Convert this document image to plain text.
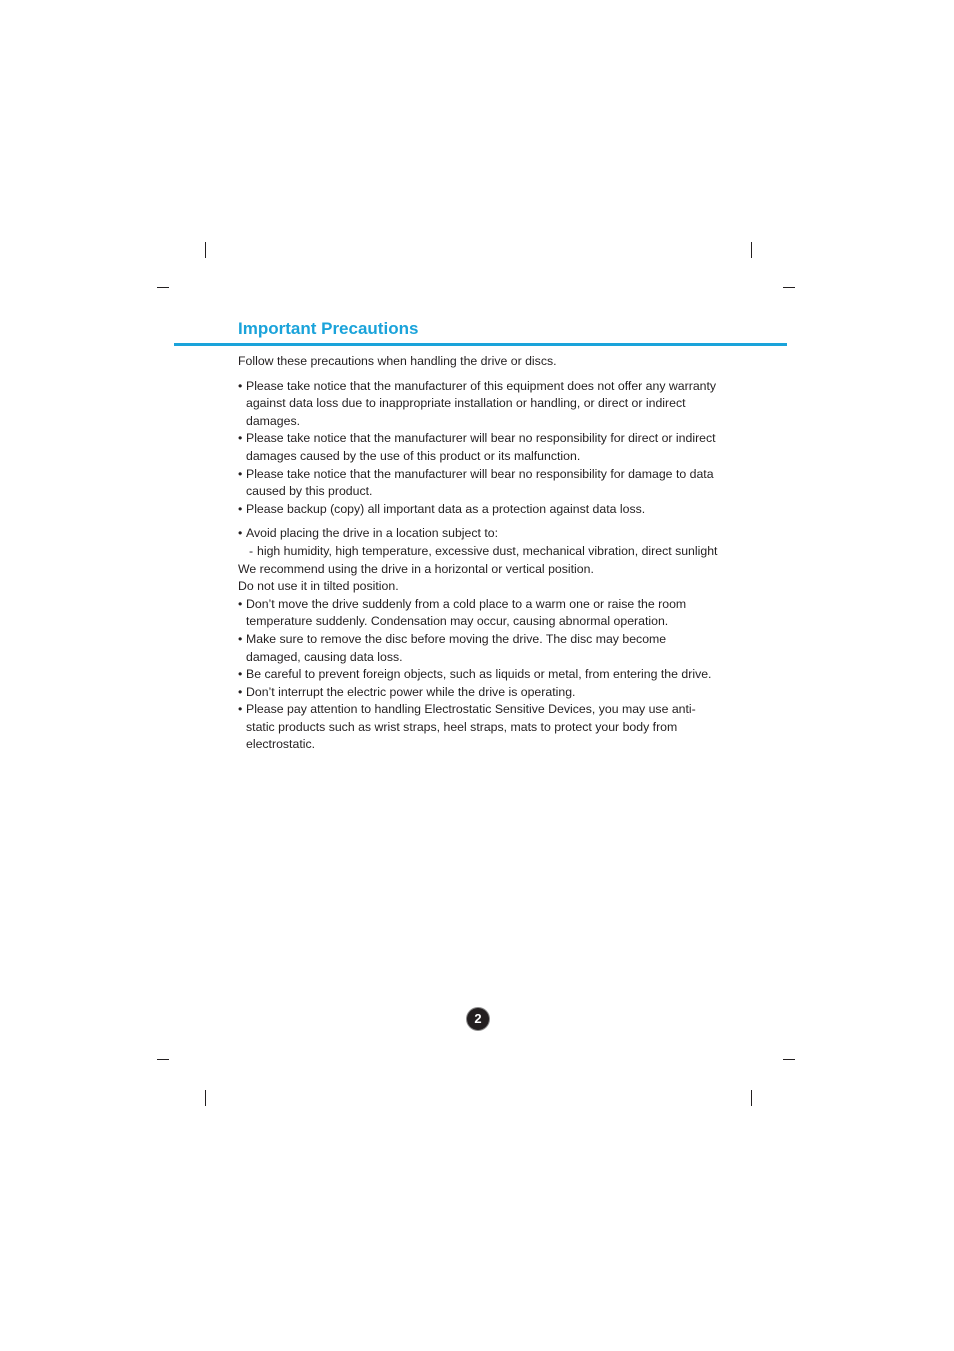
Important Precautions

Follow these precautions when handling the drive or discs.

• Please take notice that the manufacturer of this equipment does not offer any warranty against data loss due to inappropriate installation or handling, or direct or indirect damages.
• Please take notice that the manufacturer will bear no responsibility for direct or indirect damages caused by the use of this product or its malfunction.
• Please take notice that the manufacturer will bear no responsibility for damage to data caused by this product.
• Please backup (copy) all important data as a protection against data loss.
• Avoid placing the drive in a location subject to:
- high humidity, high temperature, excessive dust, mechanical vibration, direct sunlight
We recommend using the drive in a horizontal or vertical position.
Do not use it in tilted position.
• Don’t move the drive suddenly from a cold place to a warm one or raise the room temperature suddenly. Condensation may occur, causing abnormal operation.
• Make sure to remove the disc before moving the drive. The disc may become damaged, causing data loss.
• Be careful to prevent foreign objects, such as liquids or metal, from entering the drive.
• Don’t interrupt the electric power while the drive is operating.
• Please pay attention to handling Electrostatic Sensitive Devices, you may use anti-static products such as wrist straps, heel straps, mats to protect your body from electrostatic.
2
